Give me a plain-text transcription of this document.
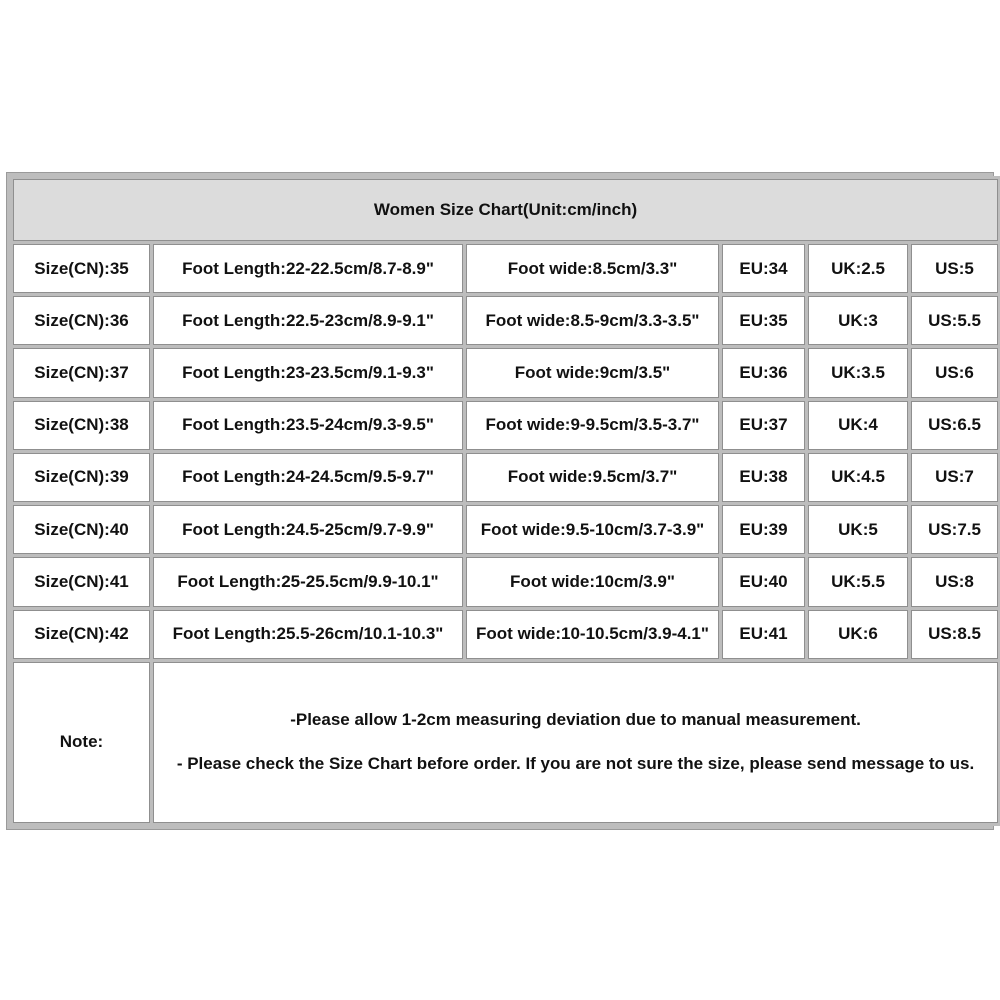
Women Size Chart(Unit:cm/inch)					
Size(CN):35	Foot Length:22-22.5cm/8.7-8.9"	Foot wide:8.5cm/3.3"	EU:34	UK:2.5	US:5
Size(CN):36	Foot Length:22.5-23cm/8.9-9.1"	Foot wide:8.5-9cm/3.3-3.5"	EU:35	UK:3	US:5.5
Size(CN):37	Foot Length:23-23.5cm/9.1-9.3"	Foot wide:9cm/3.5"	EU:36	UK:3.5	US:6
Size(CN):38	Foot Length:23.5-24cm/9.3-9.5"	Foot wide:9-9.5cm/3.5-3.7"	EU:37	UK:4	US:6.5
Size(CN):39	Foot Length:24-24.5cm/9.5-9.7"	Foot wide:9.5cm/3.7"	EU:38	UK:4.5	US:7
Size(CN):40	Foot Length:24.5-25cm/9.7-9.9"	Foot wide:9.5-10cm/3.7-3.9"	EU:39	UK:5	US:7.5
Size(CN):41	Foot Length:25-25.5cm/9.9-10.1"	Foot wide:10cm/3.9"	EU:40	UK:5.5	US:8
Size(CN):42	Foot Length:25.5-26cm/10.1-10.3"	Foot wide:10-10.5cm/3.9-4.1"	EU:41	UK:6	US:8.5
Note:	-Please allow 1-2cm measuring deviation due to manual measurement.
- Please check the Size Chart before order. If you are not sure the size, please send message to us.				
